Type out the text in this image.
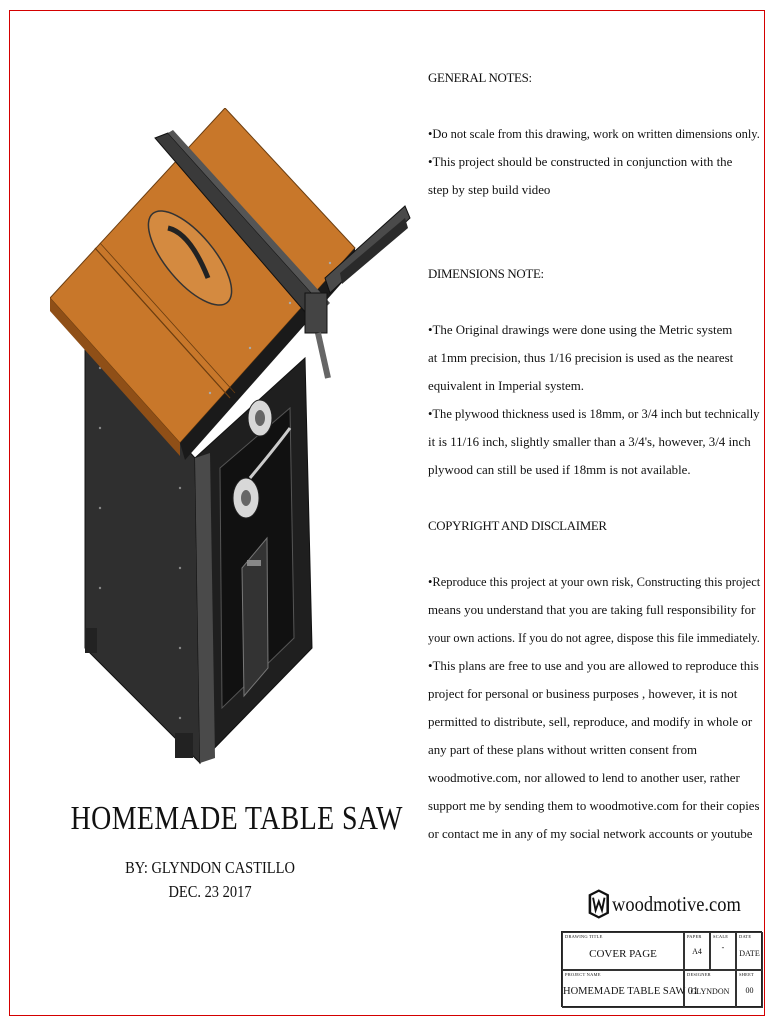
GENERAL NOTES:

•Do not scale from this drawing, work on written dimensions only.

•This project should be constructed in conjunction with the

step by step build video

DIMENSIONS NOTE:

•The Original drawings were done using the Metric system

at 1mm precision, thus 1/16 precision is used as the nearest

equivalent in Imperial system.

•The plywood thickness used is 18mm, or 3/4 inch but technically

it is 11/16 inch, slightly smaller than a 3/4's, however, 3/4 inch

plywood can still be used if 18mm is not available.

COPYRIGHT AND DISCLAIMER

•Reproduce this project at your own risk, Constructing this project

means you understand that you are taking full responsibility for

your own actions. If you do not agree, dispose this file immediately.

•This plans are free to use and you are allowed to reproduce this

project for personal or business purposes , however, it is not

permitted to distribute, sell, reproduce, and modify in whole or

any part of these plans without written consent from

woodmotive.com, nor allowed to lend to another user, rather

support me by sending them to woodmotive.com for their copies

or contact me in any of my social network accounts or youtube

HOMEMADE TABLE SAW
BY: GLYNDON CASTILLO
DEC. 23 2017	woodmotive.com
DRAWING TITLE
COVER PAGE
PAPER
A4
SCALE
-
DATE
DATE
PROJECT NAME
HOMEMADE TABLE SAW 01
DESIGNER
GLYNDON
SHEET
00
